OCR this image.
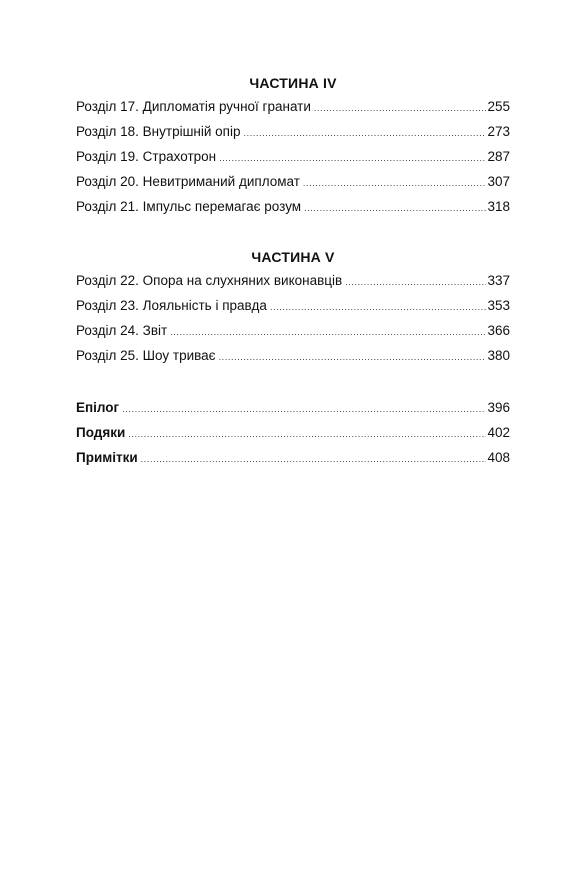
ЧАСТИНА IV
Розділ 17. Дипломатія ручної гранати .....	255
Розділ 18. Внутрішній опір .....	273
Розділ 19. Страхотрон .....	287
Розділ 20. Невитриманий дипломат .....	307
Розділ 21. Імпульс перемагає розум .....	318
ЧАСТИНА V
Розділ 22. Опора на слухняних виконавців .....	337
Розділ 23. Лояльність і правда .....	353
Розділ 24. Звіт .....	366
Розділ 25. Шоу триває .....	380
Епілог .....	396
Подяки .....	402
Примітки .....	408
